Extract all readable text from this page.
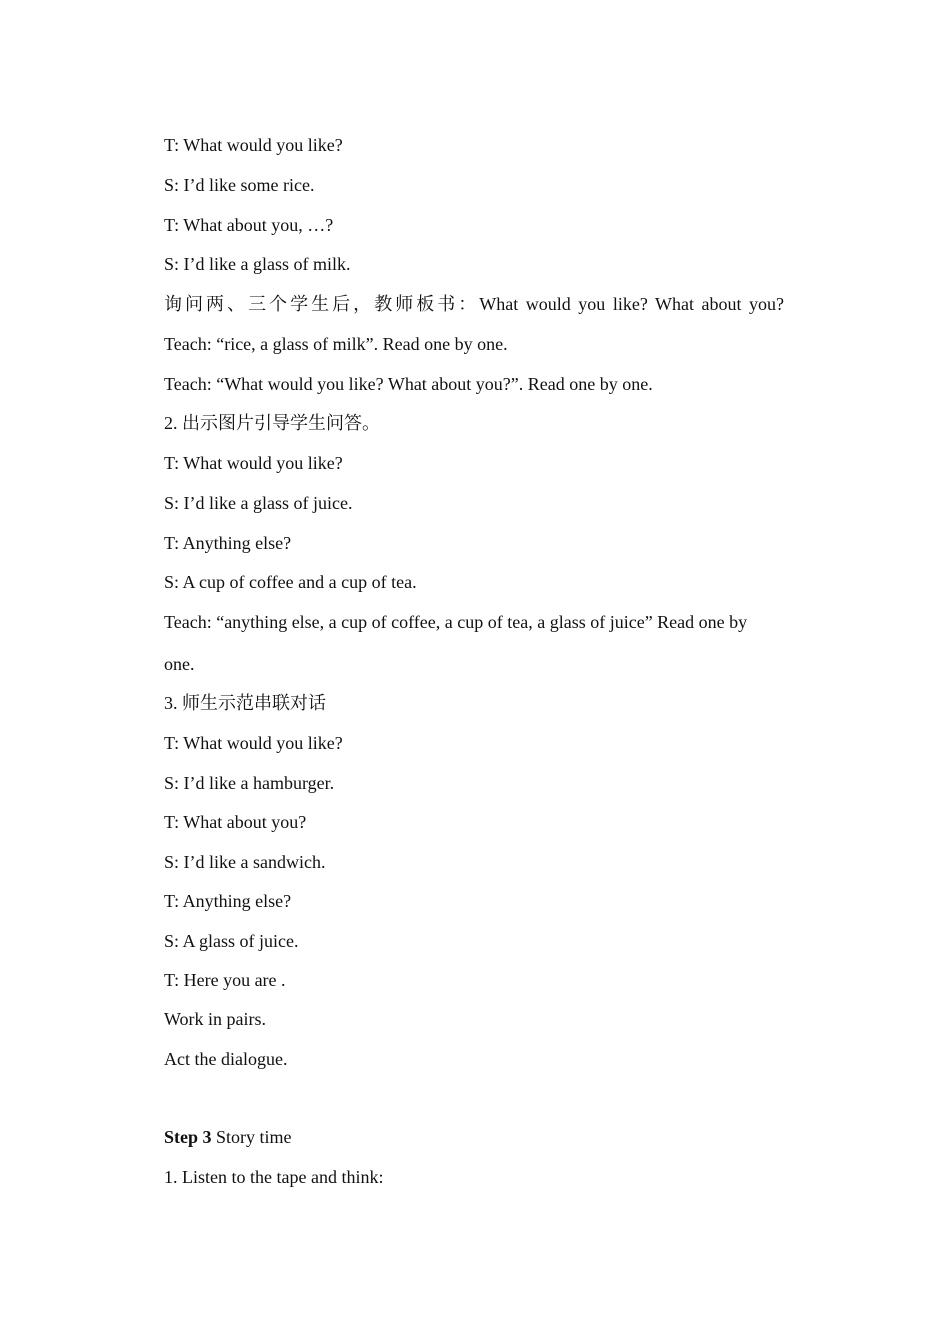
T: What would you like?
S: I’d like some rice.
T: What about you, …?
S: I’d like a glass of milk.
询问两、三个学生后，教师板书：What would you like? What about you?
Teach: “rice, a glass of milk”. Read one by one.
Teach: “What would you like? What about you?”. Read one by one.
2. 出示图片引导学生问答。
T: What would you like?
S: I’d like a glass of juice.
T: Anything else?
S: A cup of coffee and a cup of tea.
Teach: “anything else, a cup of coffee, a cup of tea, a glass of juice” Read one by
one.
3. 师生示范串联对话
T: What would you like?
S: I’d like a hamburger.
T: What about you?
S: I’d like a sandwich.
T: Anything else?
S: A glass of juice.
T: Here you are .
Work in pairs.
Act the dialogue.
Step 3 Story time
1. Listen to the tape and think:
